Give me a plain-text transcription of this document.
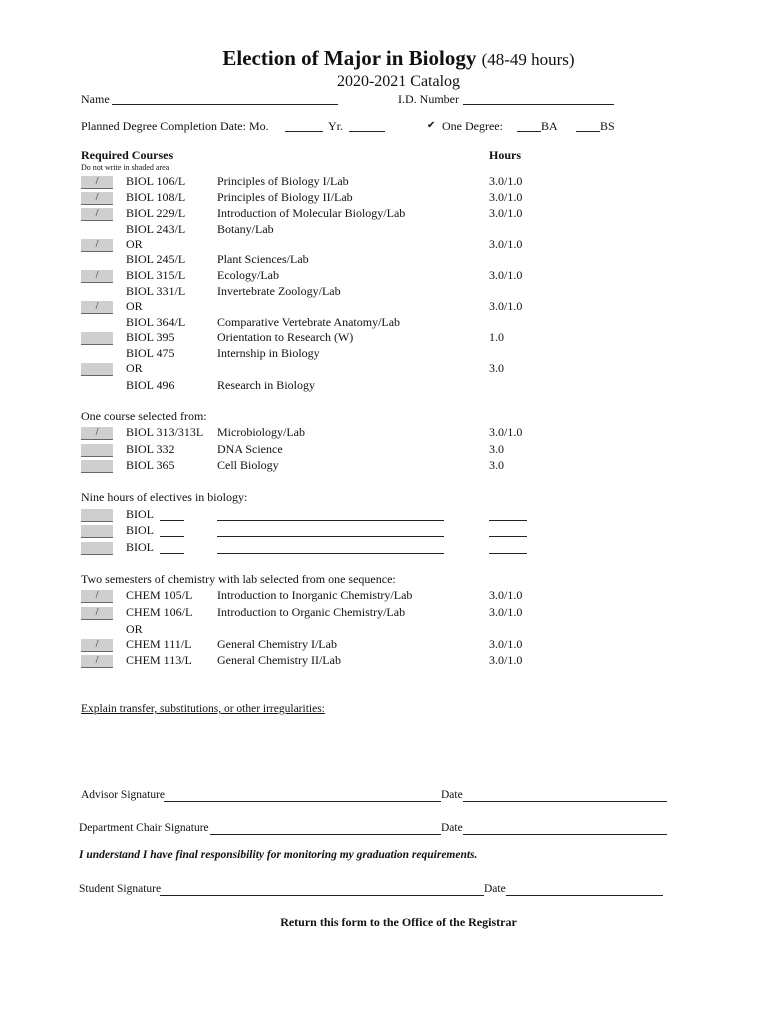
Election of Major in Biology (48-49 hours)
2020-2021 Catalog
Name	I.D. Number
Planned Degree Completion Date: Mo.	Yr.	✔ One Degree:	BA	BS
Required Courses	Hours
Do not write in shaded area
/	BIOL 106/L	Principles of Biology I/Lab	3.0/1.0
/	BIOL 108/L	Principles of Biology II/Lab	3.0/1.0
/	BIOL 229/L	Introduction of Molecular Biology/Lab	3.0/1.0
BIOL 243/L	Botany/Lab
/	OR	3.0/1.0
BIOL 245/L	Plant Sciences/Lab
/	BIOL 315/L	Ecology/Lab	3.0/1.0
BIOL 331/L	Invertebrate Zoology/Lab
/	OR	3.0/1.0
BIOL 364/L	Comparative Vertebrate Anatomy/Lab
BIOL 395	Orientation to Research (W)	1.0
BIOL 475	Internship in Biology
OR	3.0
BIOL 496	Research in Biology
One course selected from:
/	BIOL 313/313L Microbiology/Lab	3.0/1.0
BIOL 332	DNA Science	3.0
BIOL 365	Cell Biology	3.0
Nine hours of electives in biology:
BIOL
BIOL
BIOL
Two semesters of chemistry with lab selected from one sequence:
/	CHEM 105/L Introduction to Inorganic Chemistry/Lab	3.0/1.0
/	CHEM 106/L Introduction to Organic Chemistry/Lab	3.0/1.0
OR
/	CHEM 111/L General Chemistry I/Lab	3.0/1.0
/	CHEM 113/L General Chemistry II/Lab	3.0/1.0
Explain transfer, substitutions, or other irregularities:
Advisor Signature	Date
Department Chair Signature	Date
I understand I have final responsibility for monitoring my graduation requirements.
Student Signature	Date
Return this form to the Office of the Registrar
